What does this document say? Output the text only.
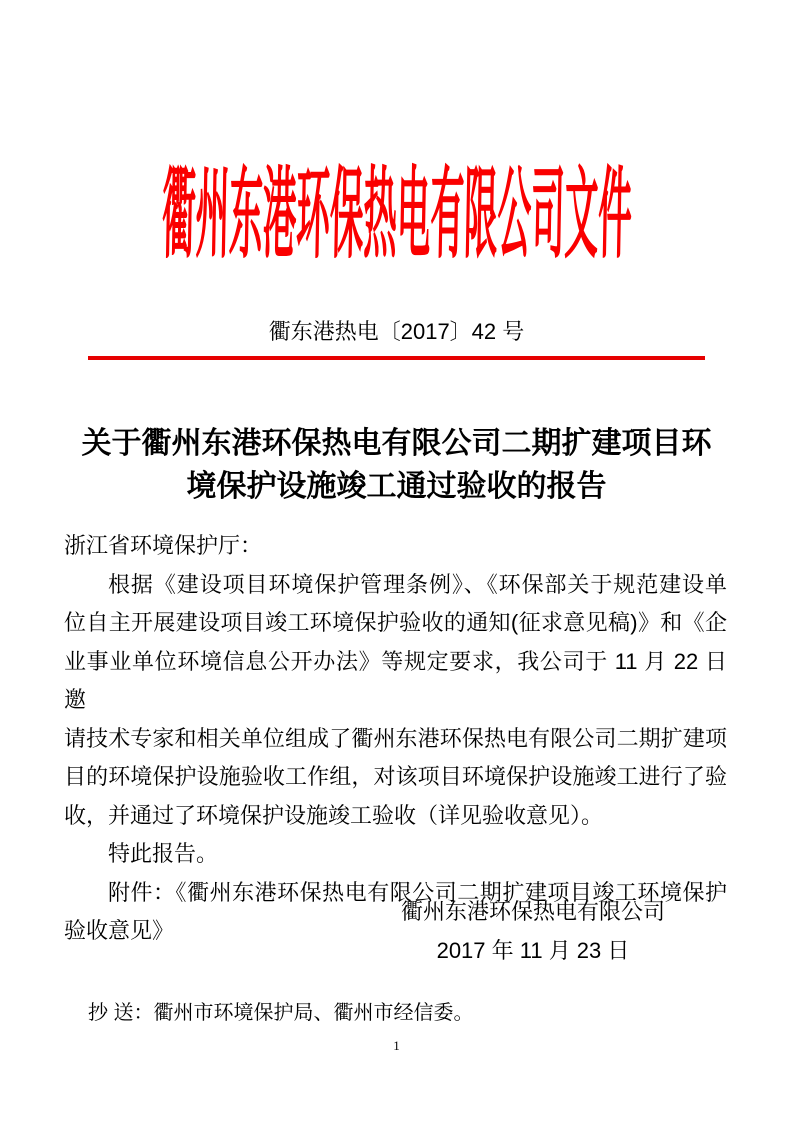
衢州东港环保热电有限公司文件
衢东港热电〔2017〕42 号
关于衢州东港环保热电有限公司二期扩建项目环
境保护设施竣工通过验收的报告
浙江省环境保护厅：
根据《建设项目环境保护管理条例》、《环保部关于规范建设单
位自主开展建设项目竣工环境保护验收的通知(征求意见稿)》和《企
业事业单位环境信息公开办法》等规定要求，我公司于 11 月 22 日邀
请技术专家和相关单位组成了衢州东港环保热电有限公司二期扩建项
目的环境保护设施验收工作组，对该项目环境保护设施竣工进行了验
收，并通过了环境保护设施竣工验收（详见验收意见）。
特此报告。
附件：《衢州东港环保热电有限公司二期扩建项目竣工环境保护
验收意见》
衢州东港环保热电有限公司
2017 年 11 月 23 日
抄 送：衢州市环境保护局、衢州市经信委。
1
